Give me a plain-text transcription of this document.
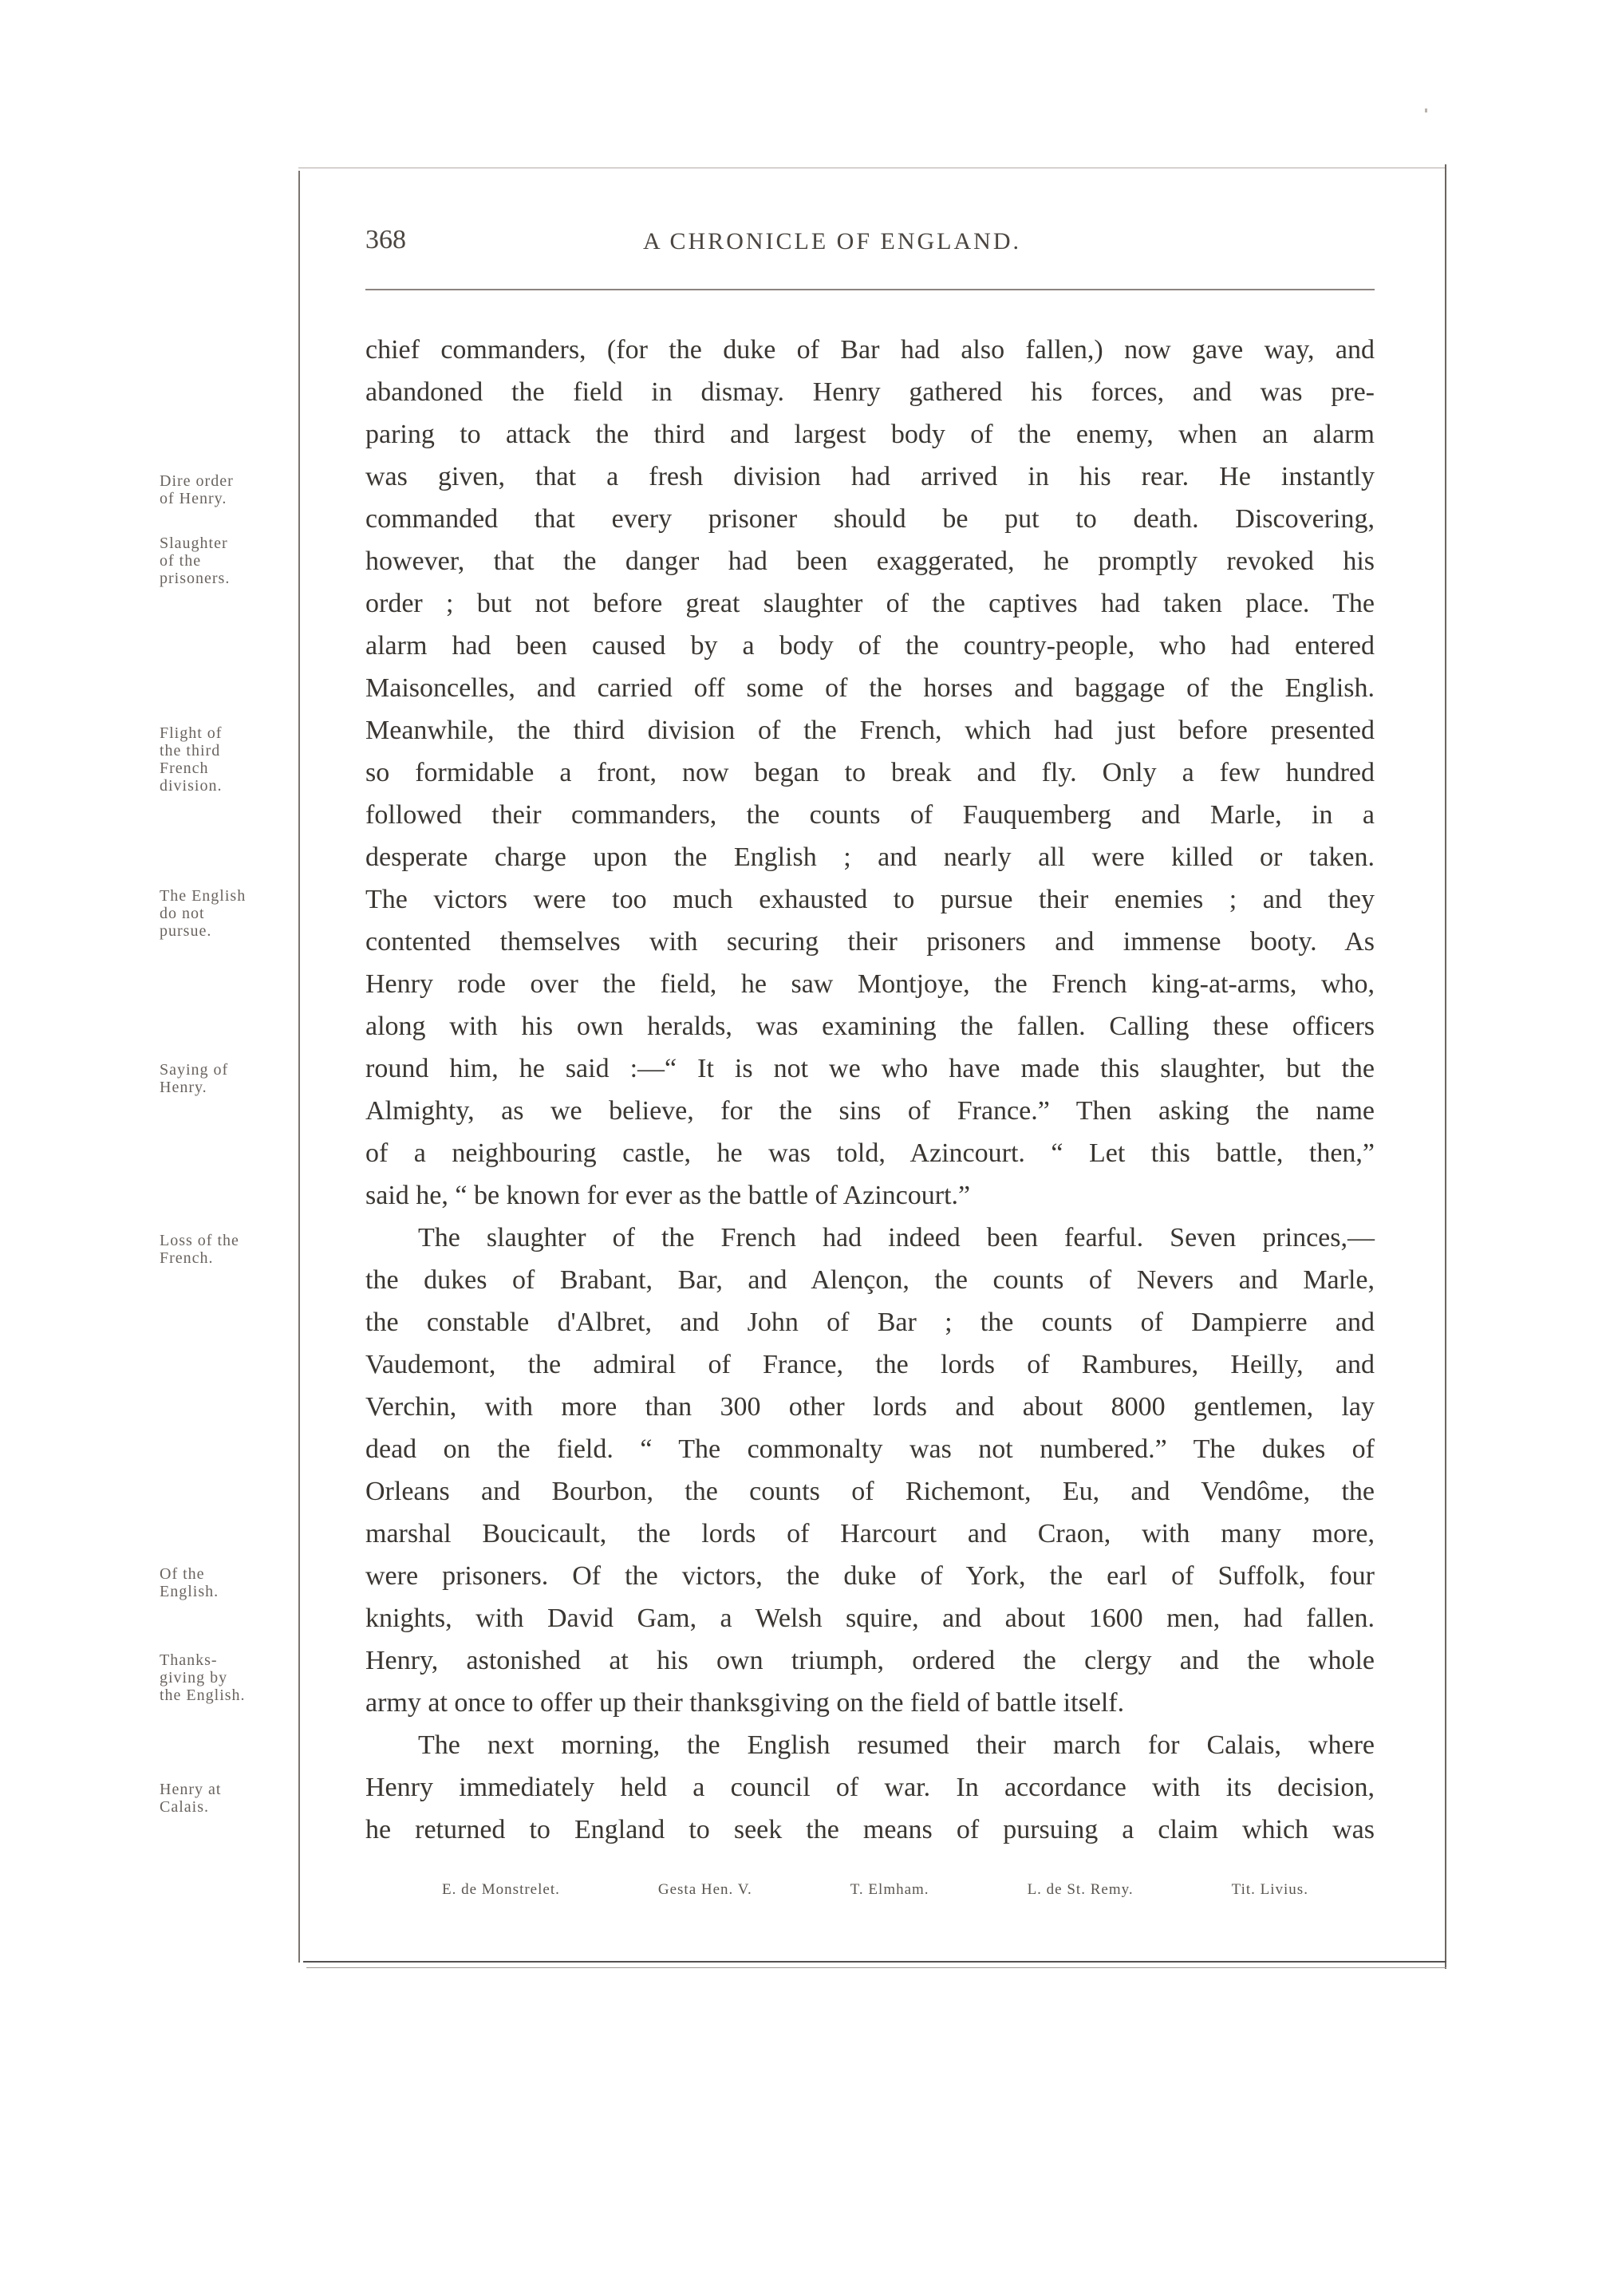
368	A CHRONICLE OF ENGLAND.
Dire order
of Henry.
Slaughter
of the
prisoners.
Flight of
the third
French
division.
The English
do not
pursue.
Saying of
Henry.
Loss of the
French.
Of the
English.
Thanks-
giving by
the English.
Henry at
Calais.
chief commanders, (for the duke of Bar had also fallen,) now gave way, and
abandoned the field in dismay. Henry gathered his forces, and was pre-
paring to attack the third and largest body of the enemy, when an alarm
was given, that a fresh division had arrived in his rear. He instantly
commanded that every prisoner should be put to death. Discovering,
however, that the danger had been exaggerated, he promptly revoked his
order ; but not before great slaughter of the captives had taken place. The
alarm had been caused by a body of the country-people, who had entered
Maisoncelles, and carried off some of the horses and baggage of the English.
Meanwhile, the third division of the French, which had just before presented
so formidable a front, now began to break and fly. Only a few hundred
followed their commanders, the counts of Fauquemberg and Marle, in a
desperate charge upon the English ; and nearly all were killed or taken.
The victors were too much exhausted to pursue their enemies ; and they
contented themselves with securing their prisoners and immense booty. As
Henry rode over the field, he saw Montjoye, the French king-at-arms, who,
along with his own heralds, was examining the fallen. Calling these officers
round him, he said :—“ It is not we who have made this slaughter, but the
Almighty, as we believe, for the sins of France.” Then asking the name
of a neighbouring castle, he was told, Azincourt. “ Let this battle, then,”
said he, “ be known for ever as the battle of Azincourt.”
The slaughter of the French had indeed been fearful. Seven princes,—
the dukes of Brabant, Bar, and Alençon, the counts of Nevers and Marle,
the constable d'Albret, and John of Bar ; the counts of Dampierre and
Vaudemont, the admiral of France, the lords of Rambures, Heilly, and
Verchin, with more than 300 other lords and about 8000 gentlemen, lay
dead on the field. “ The commonalty was not numbered.” The dukes of
Orleans and Bourbon, the counts of Richemont, Eu, and Vendôme, the
marshal Boucicault, the lords of Harcourt and Craon, with many more,
were prisoners. Of the victors, the duke of York, the earl of Suffolk, four
knights, with David Gam, a Welsh squire, and about 1600 men, had fallen.
Henry, astonished at his own triumph, ordered the clergy and the whole
army at once to offer up their thanksgiving on the field of battle itself.
The next morning, the English resumed their march for Calais, where
Henry immediately held a council of war. In accordance with its decision,
he returned to England to seek the means of pursuing a claim which was
E. de Monstrelet.	Gesta Hen. V.	T. Elmham.	L. de St. Remy.	Tit. Livius.
